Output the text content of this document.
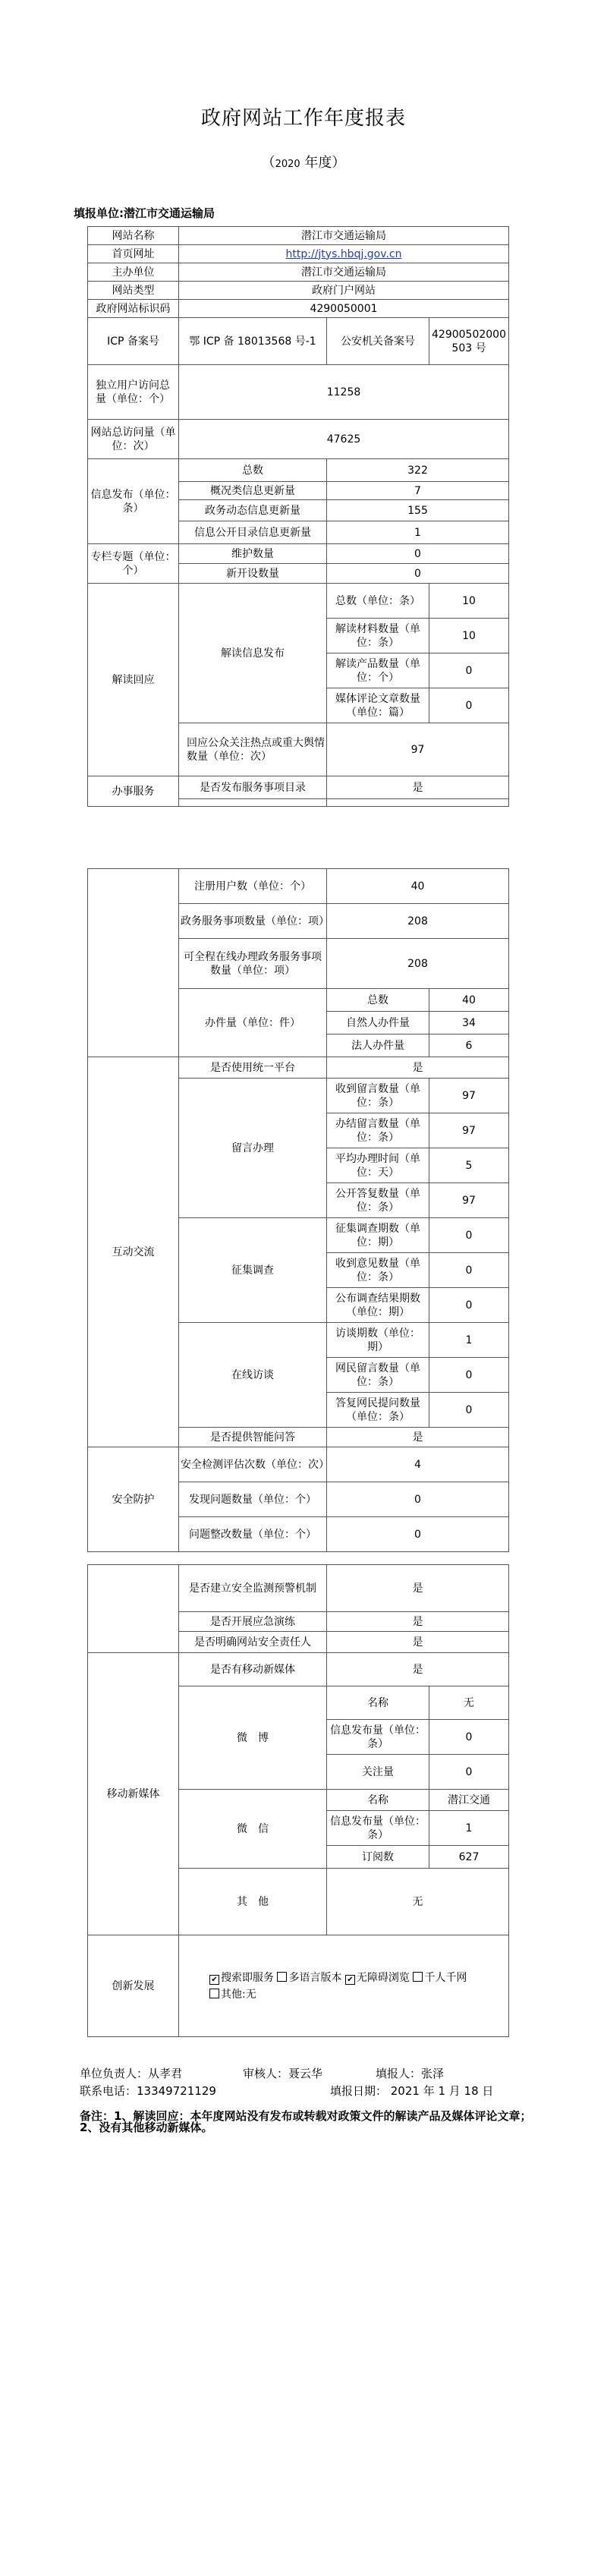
政府网站工作年度报表
（2020 年度）
填报单位:潜江市交通运输局
网站名称	潜江市交通运输局		
首页网址	http://jtys.hbqj.gov.cn		
主办单位	潜江市交通运输局		
网站类型	政府门户网站		
政府网站标识码	4290050001		
ICP 备案号	鄂 ICP 备 18013568 号-1	公安机关备案号	42900502000 503 号
独立用户访问总量（单位：个）	11258		
网站总访问量（单位：次）	47625		
信息发布（单位：条）	总数	322	
	概况类信息更新量	7	
	政务动态信息更新量	155	
	信息公开目录信息更新量	1	
专栏专题（单位：个）	维护数量	0	
	新开设数量	0	
解读回应	解读信息发布	总数（单位：条）	10
		解读材料数量（单位：条）	10
		解读产品数量（单位：个）	0
		媒体评论文章数量（单位：篇）	0
	回应公众关注热点或重大舆情数量（单位：次）	97	
办事服务	是否发布服务事项目录	是	

	注册用户数（单位：个）	40	
	政务服务事项数量（单位：项）	208	
	可全程在线办理政务服务事项数量（单位：项）	208	
	办件量（单位：件）	总数	40
		自然人办件量	34
		法人办件量	6
互动交流	是否使用统一平台	是	
	留言办理	收到留言数量（单位：条）	97
		办结留言数量（单位：条）	97
		平均办理时间（单位：天）	5
		公开答复数量（单位：条）	97
	征集调查	征集调查期数（单位：期）	0
		收到意见数量（单位：条）	0
		公布调查结果期数（单位：期）	0
	在线访谈	访谈期数（单位：期）	1
		网民留言数量（单位：条）	0
		答复网民提问数量（单位：条）	0
	是否提供智能问答	是	
安全防护	安全检测评估次数（单位：次）	4	
	发现问题数量（单位：个）	0	
	问题整改数量（单位：个）	0	
	是否建立安全监测预警机制	是	
	是否开展应急演练	是	
	是否明确网站安全责任人	是	
移动新媒体	是否有移动新媒体	是	
	微　博	名称	无
		信息发布量（单位：条）	0
		关注量	0
	微　信	名称	潜江交通
		信息发布量（单位：条）	1
		订阅数	627
	其　他	无	
创新发展	✔ 搜索即服务 多语言版本 ✔ 无障碍浏览 千人千网
其他:无		
单位负责人：从孝君	审核人：聂云华	填报人：张泽
联系电话：13349721129	填报日期： 2021 年 1 月 18 日
备注：1、解读回应：本年度网站没有发布或转载对政策文件的解读产品及媒体评论文章；2、没有其他移动新媒体。
